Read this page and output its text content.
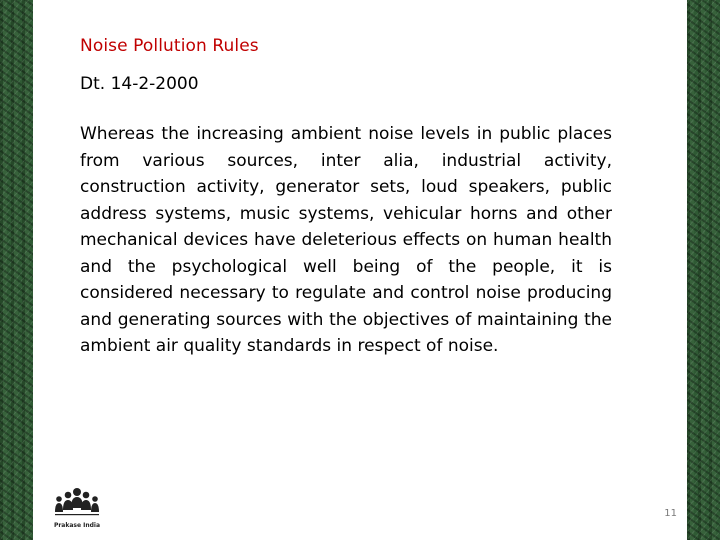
Noise Pollution Rules
Dt. 14-2-2000

Whereas the increasing ambient noise levels in public places from various sources, inter alia, industrial activity, construction activity, generator sets, loud speakers, public address systems, music systems, vehicular horns and other mechanical devices have deleterious effects on human health and the psychological well being of the people, it is considered necessary to regulate and control noise producing and generating sources with the objectives of maintaining the ambient air quality standards in respect of noise.

Prakase India
11
